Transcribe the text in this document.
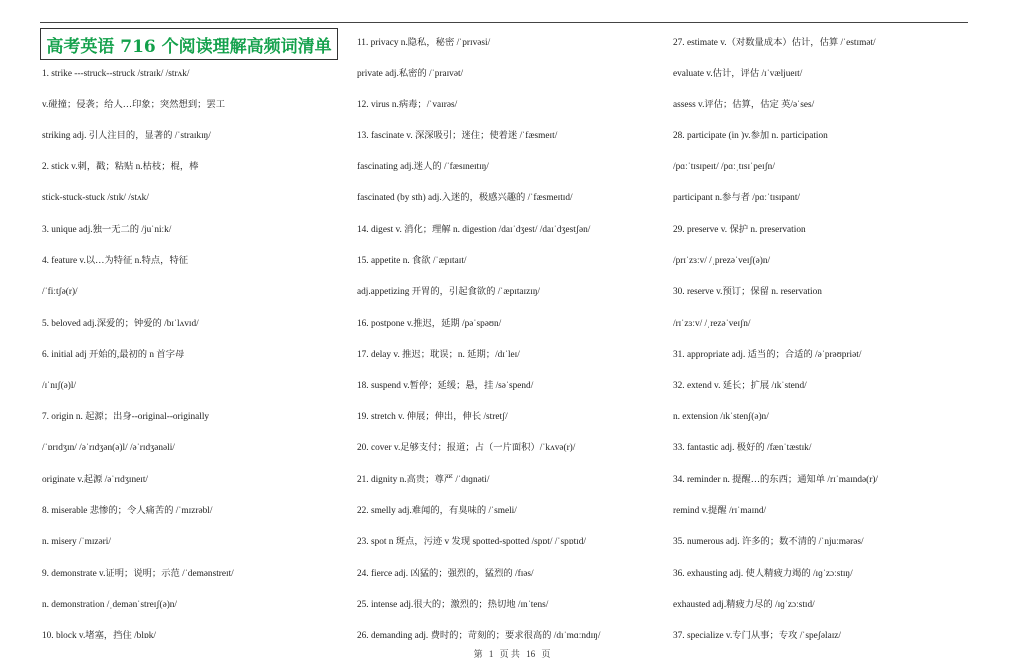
高考英语 716 个阅读理解高频词清单
1. strike ---struck--struck /straɪk/ /strʌk/
v.碰撞；侵袭；给人…印象；突然想到；罢工
striking adj. 引人注目的，显著的 /ˈstraɪkɪŋ/
2. stick v.刺，戳；粘贴 n.枯枝；棍，棒
stick-stuck-stuck /stɪk/ /stʌk/
3. unique adj.独一无二的 /juˈniːk/
4. feature v.以…为特征 n.特点，特征
/ˈfiːtʃə(r)/
5. beloved adj.深爱的；钟爱的 /bɪˈlʌvɪd/
6. initial adj 开始的,最初的 n 首字母
/ɪˈnɪʃ(ə)l/
7. origin n. 起源；出身--original--originally
/ˈɒrɪdʒɪn/ /əˈrɪdʒən(ə)l/ /əˈrɪdʒənəli/
originate v.起源 /əˈrɪdʒɪneɪt/
8. miserable 悲惨的；令人痛苦的 /ˈmɪzrəbl/
n. misery /ˈmɪzəri/
9. demonstrate v.证明；说明；示范 /ˈdemənstreɪt/
n. demonstration /ˌdemənˈstreɪʃ(ə)n/
10. block v.堵塞，挡住 /blɒk/
11. privacy n.隐私，秘密 /ˈprɪvəsi/
private adj.私密的 /ˈpraɪvət/
12. virus n.病毒；/ˈvaɪrəs/
13. fascinate v. 深深吸引；迷住；使着迷 /ˈfæsmeɪt/
fascinating adj.迷人的 /ˈfæsɪneɪtɪŋ/
fascinated (by sth) adj.入迷的，极感兴趣的 /ˈfæsmeɪtɪd/
14. digest v. 消化；理解 n. digestion /daɪˈdʒest/ /daɪˈdʒestʃən/
15. appetite n. 食欲 /ˈæpɪtaɪt/
adj.appetizing 开胃的，引起食欲的 /ˈæpɪtaɪzɪŋ/
16. postpone v.推迟，延期 /pəˈspəʊn/
17. delay v. 推迟；耽误；n. 延期；/dɪˈleɪ/
18. suspend v.暂停；延缓；悬，挂 /səˈspend/
19. stretch v. 伸展；伸出，伸长 /stretʃ/
20. cover v.足够支付；报道；占（一片面积）/ˈkʌvə(r)/
21. dignity n.高贵；尊严 /ˈdɪɡnəti/
22. smelly adj.难闻的，有臭味的 /ˈsmeli/
23. spot n 斑点，污迹 v 发现 spotted-spotted /spɒt/ /ˈspɒtɪd/
24. fierce adj. 凶猛的；强烈的，猛烈的 /fɪəs/
25. intense adj.很大的；激烈的；热切地 /ɪnˈtens/
26. demanding adj. 费时的；苛刻的；要求很高的 /dɪˈmɑːndɪŋ/
27. estimate v.（对数量成本）估计，估算 /ˈestɪmət/
evaluate v.估计，评估 /ɪˈvæljueɪt/
assess v.评估；估算，估定 英/əˈses/
28. participate (in )v.参加 n. participation
/pɑːˈtɪsɪpeɪt/ /pɑːˌtɪsɪˈpeɪʃn/
participant n.参与者 /pɑːˈtɪsɪpənt/
29. preserve v. 保护 n. preservation
/prɪˈzɜːv/ /ˌprezəˈveɪʃ(ə)n/
30. reserve v.预订；保留 n. reservation
/rɪˈzɜːv/ /ˌrezəˈveɪʃn/
31. appropriate adj. 适当的；合适的 /əˈprəʊpriət/
32. extend v. 延长；扩展 /ɪkˈstend/
n. extension /ɪkˈstenʃ(ə)n/
33. fantastic adj. 极好的 /fænˈtæstɪk/
34. reminder n. 提醒…的东西；通知单 /rɪˈmaɪndə(r)/
remind v.提醒 /rɪˈmaɪnd/
35. numerous adj. 许多的；数不清的 /ˈnjuːmərəs/
36. exhausting adj. 使人精疲力竭的 /ɪɡˈzɔːstɪŋ/
exhausted adj.精疲力尽的 /ɪɡˈzɔːstɪd/
37. specialize v.专门从事；专攻 /ˈspeʃəlaɪz/
第 1 页 共 16 页
